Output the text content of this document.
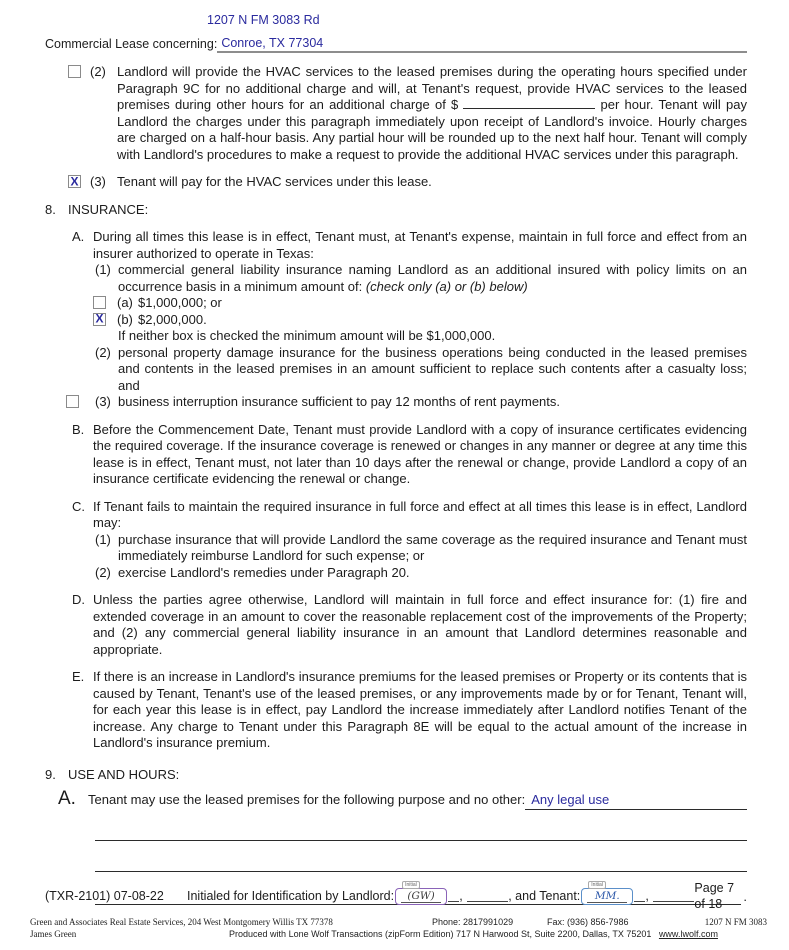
1207 N FM 3083 Rd
Commercial Lease concerning: Conroe, TX 77304
(2) Landlord will provide the HVAC services to the leased premises during the operating hours specified under Paragraph 9C for no additional charge and will, at Tenant's request, provide HVAC services to the leased premises during other hours for an additional charge of $	per hour. Tenant will pay Landlord the charges under this paragraph immediately upon receipt of Landlord's invoice. Hourly charges are charged on a half-hour basis. Any partial hour will be rounded up to the next half hour. Tenant will comply with Landlord's procedures to make a request to provide the additional HVAC services under this paragraph.
X (3) Tenant will pay for the HVAC services under this lease.
8. INSURANCE:
A. During all times this lease is in effect, Tenant must, at Tenant's expense, maintain in full force and effect from an insurer authorized to operate in Texas:
(1) commercial general liability insurance naming Landlord as an additional insured with policy limits on an occurrence basis in a minimum amount of: (check only (a) or (b) below)
(a) $1,000,000; or
X (b) $2,000,000.
If neither box is checked the minimum amount will be $1,000,000.
(2) personal property damage insurance for the business operations being conducted in the leased premises and contents in the leased premises in an amount sufficient to replace such contents after a casualty loss; and
(3) business interruption insurance sufficient to pay 12 months of rent payments.
B. Before the Commencement Date, Tenant must provide Landlord with a copy of insurance certificates evidencing the required coverage. If the insurance coverage is renewed or changes in any manner or degree at any time this lease is in effect, Tenant must, not later than 10 days after the renewal or change, provide Landlord a copy of an insurance certificate evidencing the renewal or change.
C. If Tenant fails to maintain the required insurance in full force and effect at all times this lease is in effect, Landlord may:
(1) purchase insurance that will provide Landlord the same coverage as the required insurance and Tenant must immediately reimburse Landlord for such expense; or
(2) exercise Landlord's remedies under Paragraph 20.
D. Unless the parties agree otherwise, Landlord will maintain in full force and effect insurance for: (1) fire and extended coverage in an amount to cover the reasonable replacement cost of the improvements of the Property; and (2) any commercial general liability insurance in an amount that Landlord determines reasonable and appropriate.
E. If there is an increase in Landlord's insurance premiums for the leased premises or Property or its contents that is caused by Tenant, Tenant's use of the leased premises, or any improvements made by or for Tenant, Tenant will, for each year this lease is in effect, pay Landlord the increase immediately after Landlord notifies Tenant of the increase. Any charge to Tenant under this Paragraph 8E will be equal to the actual amount of the increase in Landlord's insurance premium.
9. USE AND HOURS:
A. Tenant may use the leased premises for the following purpose and no other: Any legal use
.
(TXR-2101) 07-08-22	Initialed for Identification by Landlord:
Initial
(GW)	,	, and Tenant:
Initial
MM.	,
Page 7 of 18
Green and Associates Real Estate Services, 204 West Montgomery Willis TX 77378	Phone: 2817991029	Fax: (936) 856-7986	1207 N FM 3083
James Green	Produced with Lone Wolf Transactions (zipForm Edition) 717 N Harwood St, Suite 2200, Dallas, TX 75201 www.lwolf.com
